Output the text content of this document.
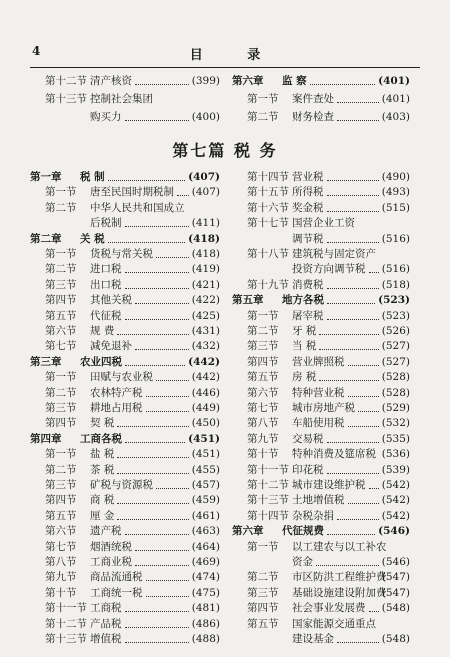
4	目 录
第十二节 清产核资	(399)
第十三节 控制社会集团
购买力	(400)
第六章 监 察	(401)
第一节 案件查处	(401)
第二节 财务检查	(403)
第七篇 税 务
第一章 税 制	(407)
第一节 唐至民国时期税制 (407)
第二节 中华人民共和国成立
后税制	(411)
第二章 关 税	(418)
第一节 货税与常关税	(418)
第二节 进口税	(419)
第三节 出口税	(421)
第四节 其他关税	(422)
第五节 代征税	(425)
第六节 规 费	(431)
第七节 减免退补	(432)
第三章 农业四税	(442)
第一节 田赋与农业税	(442)
第二节 农林特产税	(446)
第三节 耕地占用税	(449)
第四节 契 税	(450)
第四章 工商各税	(451)
第一节 盐 税	(451)
第二节 茶 税	(455)
第三节 矿税与资源税	(457)
第四节 商 税	(459)
第五节 厘 金	(461)
第六节 遗产税	(463)
第七节 烟酒统税	(464)
第八节 工商业税	(469)
第九节 商品流通税	(474)
第十节 工商统一税	(475)
第十一节 工商税	(481)
第十二节 产品税	(486)
第十三节 增值税	(488)
第十四节 营业税	(490)
第十五节 所得税	(493)
第十六节 奖金税	(515)
第十七节 国营企业工资
调节税	(516)
第十八节 建筑税与固定资产
投资方向调节税 (516)
第十九节 消费税	(518)
第五章 地方各税	(523)
第一节 屠宰税	(523)
第二节 牙 税	(526)
第三节 当 税	(527)
第四节 营业牌照税	(527)
第五节 房 税	(528)
第六节 特种营业税	(528)
第七节 城市房地产税	(529)
第八节 车船使用税	(532)
第九节 交易税	(535)
第十节 特种消费及筵席税 (536)
第十一节 印花税	(539)
第十二节 城市建设维护税 (542)
第十三节 土地增值税	(542)
第十四节 杂税杂捐	(542)
第六章 代征规费	(546)
第一节 以工建农与以工补农
资金	(546)
第二节 市区防洪工程维护费
(547)
第三节 基础设施建设附加费
(547)
第四节 社会事业发展费 (548)
第五节 国家能源交通重点
建设基金	(548)
